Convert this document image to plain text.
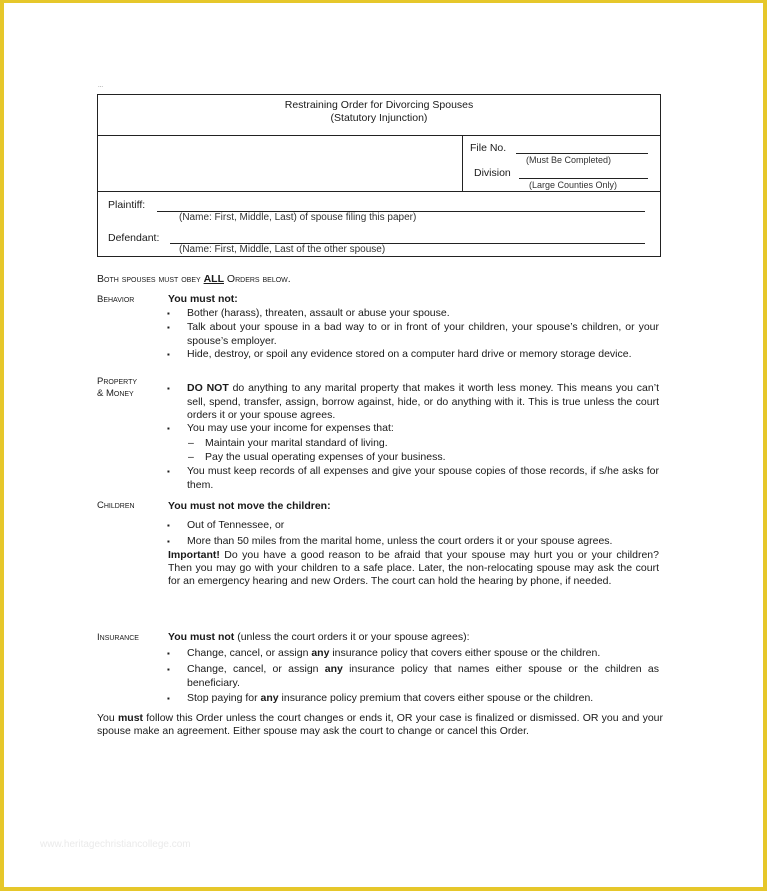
...
Restraining Order for Divorcing Spouses
(Statutory Injunction)
File No.
(Must Be Completed)
Division
(Large Counties Only)
Plaintiff:
(Name: First, Middle, Last) of spouse filing this paper)
Defendant:
(Name: First, Middle, Last of the other spouse)
Both spouses must obey ALL Orders below.
Behavior	You must not:
▪ Bother (harass), threaten, assault or abuse your spouse.
▪ Talk about your spouse in a bad way to or in front of your children, your spouse’s children, or your spouse’s employer.
▪ Hide, destroy, or spoil any evidence stored on a computer hard drive or memory storage device.
Property
& Money	▪ DO NOT do anything to any marital property that makes it worth less money. This means you can’t sell, spend, transfer, assign, borrow against, hide, or do anything with it. This is true unless the court orders it or your spouse agrees.
▪ You may use your income for expenses that:
– Maintain your marital standard of living.
– Pay the usual operating expenses of your business.
▪ You must keep records of all expenses and give your spouse copies of those records, if s/he asks for them.
Children	You must not move the children:
▪ Out of Tennessee, or
▪ More than 50 miles from the marital home, unless the court orders it or your spouse agrees.
Important! Do you have a good reason to be afraid that your spouse may hurt you or your children? Then you may go with your children to a safe place. Later, the non-relocating spouse may ask the court for an emergency hearing and new Orders. The court can hold the hearing by phone, if needed.
Insurance	You must not (unless the court orders it or your spouse agrees):
▪ Change, cancel, or assign any insurance policy that covers either spouse or the children.
▪ Change, cancel, or assign any insurance policy that names either spouse or the children as beneficiary.
▪ Stop paying for any insurance policy premium that covers either spouse or the children.
You must follow this Order unless the court changes or ends it, OR your case is finalized or dismissed. OR you and your spouse make an agreement. Either spouse may ask the court to change or cancel this Order.
www.heritagechristiancollege.com
